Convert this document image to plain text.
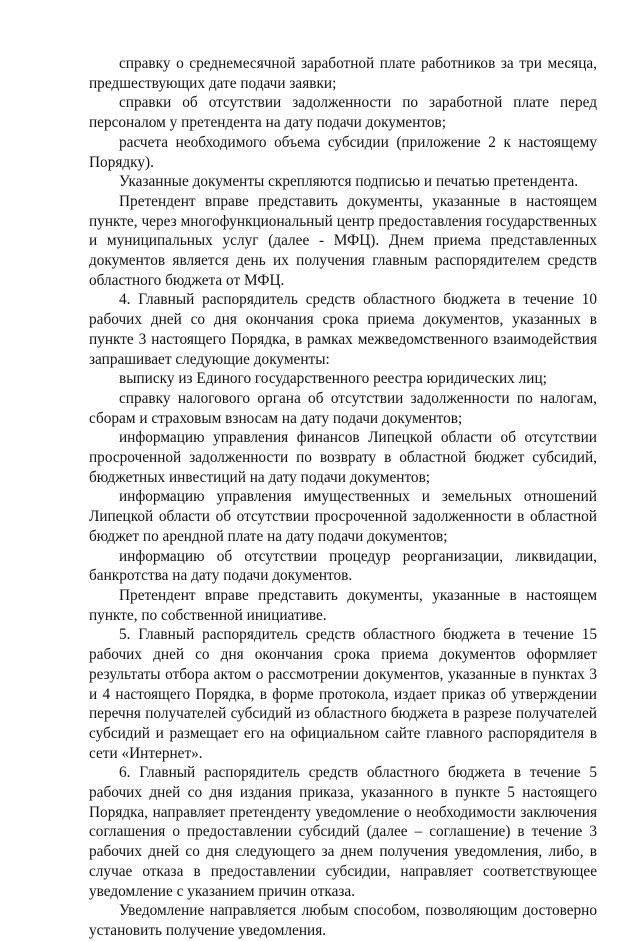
справку о среднемесячной заработной плате работников за три месяца, предшествующих дате подачи заявки;

справки об отсутствии задолженности по заработной плате перед персоналом у претендента на дату подачи документов;

расчета необходимого объема субсидии (приложение 2 к настоящему Порядку).

Указанные документы скрепляются подписью и печатью претендента.

Претендент вправе представить документы, указанные в настоящем пункте, через многофункциональный центр предоставления государственных и муниципальных услуг (далее - МФЦ). Днем приема представленных документов является день их получения главным распорядителем средств областного бюджета от МФЦ.

4. Главный распорядитель средств областного бюджета в течение 10 рабочих дней со дня окончания срока приема документов, указанных в пункте 3 настоящего Порядка, в рамках межведомственного взаимодействия запрашивает следующие документы:

выписку из Единого государственного реестра юридических лиц;

справку налогового органа об отсутствии задолженности по налогам, сборам и страховым взносам на дату подачи документов;

информацию управления финансов Липецкой области об отсутствии просроченной задолженности по возврату в областной бюджет субсидий, бюджетных инвестиций на дату подачи документов;

информацию управления имущественных и земельных отношений Липецкой области об отсутствии просроченной задолженности в областной бюджет по арендной плате на дату подачи документов;

информацию об отсутствии процедур реорганизации, ликвидации, банкротства на дату подачи документов.

Претендент вправе представить документы, указанные в настоящем пункте, по собственной инициативе.

5. Главный распорядитель средств областного бюджета в течение 15 рабочих дней со дня окончания срока приема документов оформляет результаты отбора актом о рассмотрении документов, указанные в пунктах 3 и 4 настоящего Порядка, в форме протокола, издает приказ об утверждении перечня получателей субсидий из областного бюджета в разрезе получателей субсидий и размещает его на официальном сайте главного распорядителя в сети «Интернет».

6. Главный распорядитель средств областного бюджета в течение 5 рабочих дней со дня издания приказа, указанного в пункте 5 настоящего Порядка, направляет претенденту уведомление о необходимости заключения соглашения о предоставлении субсидий (далее – соглашение) в течение 3 рабочих дней со дня следующего за днем получения уведомления, либо, в случае отказа в предоставлении субсидии, направляет соответствующее уведомление с указанием причин отказа.

Уведомление направляется любым способом, позволяющим достоверно установить получение уведомления.
